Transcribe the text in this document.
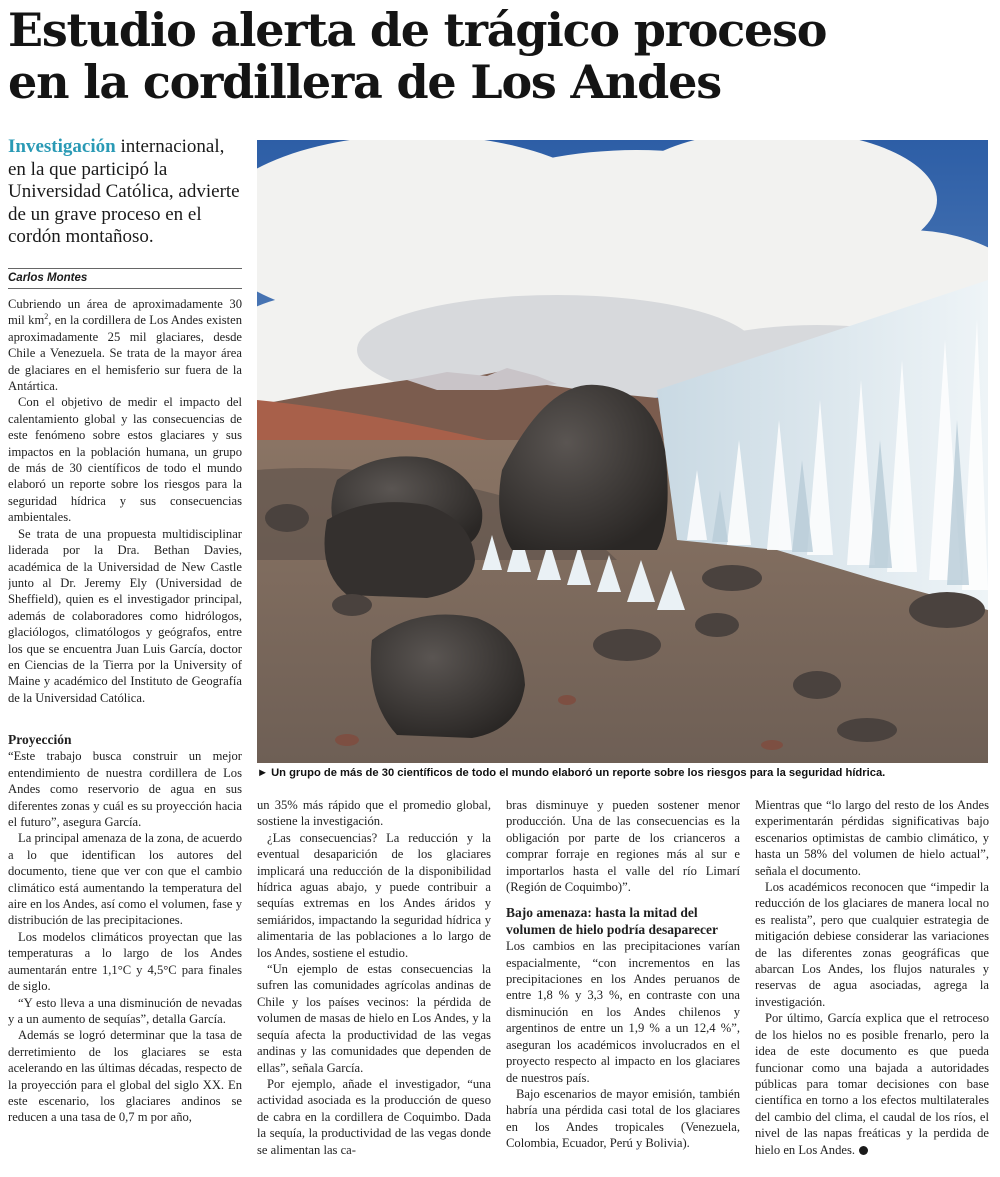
Estudio alerta de trágico proceso
en la cordillera de Los Andes

Investigación internacional, en la que participó la Universidad Católica, advierte de un grave proceso en el cordón montañoso.

Carlos Montes

Cubriendo un área de aproximadamente 30 mil $km^2$, en la cordillera de Los Andes existen aproximadamente 25 mil glaciares, desde Chile a Venezuela. Se trata de la mayor área de glaciares en el hemisferio sur fuera de la Antártica.

Con el objetivo de medir el impacto del calentamiento global y las consecuencias de este fenómeno sobre estos glaciares y sus impactos en la población humana, un grupo de más de 30 científicos de todo el mundo elaboró un reporte sobre los riesgos para la seguridad hídrica y sus consecuencias ambientales.

Se trata de una propuesta multidisciplinar liderada por la Dra. Bethan Davies, académica de la Universidad de New Castle junto al Dr. Jeremy Ely (Universidad de Sheffield), quien es el investigador principal, además de colaboradores como hidrólogos, glaciólogos, climatólogos y geógrafos, entre los que se encuentra Juan Luis García, doctor en Ciencias de la Tierra por la University of Maine y académico del Instituto de Geografía de la Universidad Católica.

Proyección

“Este trabajo busca construir un mejor entendimiento de nuestra cordillera de Los Andes como reservorio de agua en sus diferentes zonas y cuál es su proyección hacia el futuro”, asegura García.

La principal amenaza de la zona, de acuerdo a lo que identifican los autores del documento, tiene que ver con que el cambio climático está aumentando la temperatura del aire en los Andes, así como el volumen, fase y distribución de las precipitaciones.

Los modelos climáticos proyectan que las temperaturas a lo largo de los Andes aumentarán entre 1,1°C y 4,5°C para finales de siglo.

“Y esto lleva a una disminución de nevadas y a un aumento de sequías”, detalla García.

Además se logró determinar que la tasa de derretimiento de los glaciares se esta acelerando en las últimas décadas, respecto de la proyección para el global del siglo XX. En este escenario, los glaciares andinos se reducen a una tasa de 0,7 m por año,

► Un grupo de más de 30 científicos de todo el mundo elaboró un reporte sobre los riesgos para la seguridad hídrica.

un 35% más rápido que el promedio global, sostiene la investigación.

¿Las consecuencias? La reducción y la eventual desaparición de los glaciares implicará una reducción de la disponibilidad hídrica aguas abajo, y puede contribuir a sequías extremas en los Andes áridos y semiáridos, impactando la seguridad hídrica y alimentaria de las poblaciones a lo largo de los Andes, sostiene el estudio.

“Un ejemplo de estas consecuencias la sufren las comunidades agrícolas andinas de Chile y los países vecinos: la pérdida de volumen de masas de hielo en Los Andes, y la sequía afecta la productividad de las vegas andinas y las comunidades que dependen de ellas”, señala García.

Por ejemplo, añade el investigador, “una actividad asociada es la producción de queso de cabra en la cordillera de Coquimbo. Dada la sequía, la productividad de las vegas donde se alimentan las ca-

bras disminuye y pueden sostener menor producción. Una de las consecuencias es la obligación por parte de los crianceros a comprar forraje en regiones más al sur e importarlos hasta el valle del río Limarí (Región de Coquimbo)”.

Bajo amenaza: hasta la mitad del volumen de hielo podría desaparecer

Los cambios en las precipitaciones varían espacialmente, “con incrementos en las precipitaciones en los Andes peruanos de entre 1,8 % y 3,3 %, en contraste con una disminución en los Andes chilenos y argentinos de entre un 1,9 % a un 12,4 %”, aseguran los académicos involucrados en el proyecto respecto al impacto en los glaciares de nuestros país.

Bajo escenarios de mayor emisión, también habría una pérdida casi total de los glaciares en los Andes tropicales (Venezuela, Colombia, Ecuador, Perú y Bolivia).

Mientras que “lo largo del resto de los Andes experimentarán pérdidas significativas bajo escenarios optimistas de cambio climático, y hasta un 58% del volumen de hielo actual”, señala el documento.

Los académicos reconocen que “impedir la reducción de los glaciares de manera local no es realista”, pero que cualquier estrategia de mitigación debiese considerar las variaciones de las diferentes zonas geográficas que abarcan Los Andes, los flujos naturales y reservas de agua asociadas, agrega la investigación.

Por último, García explica que el retroceso de los hielos no es posible frenarlo, pero la idea de este documento es que pueda funcionar como una bajada a autoridades públicas para tomar decisiones con base científica en torno a los efectos multilaterales del cambio del clima, el caudal de los ríos, el nivel de las napas freáticas y la perdida de hielo en Los Andes.
